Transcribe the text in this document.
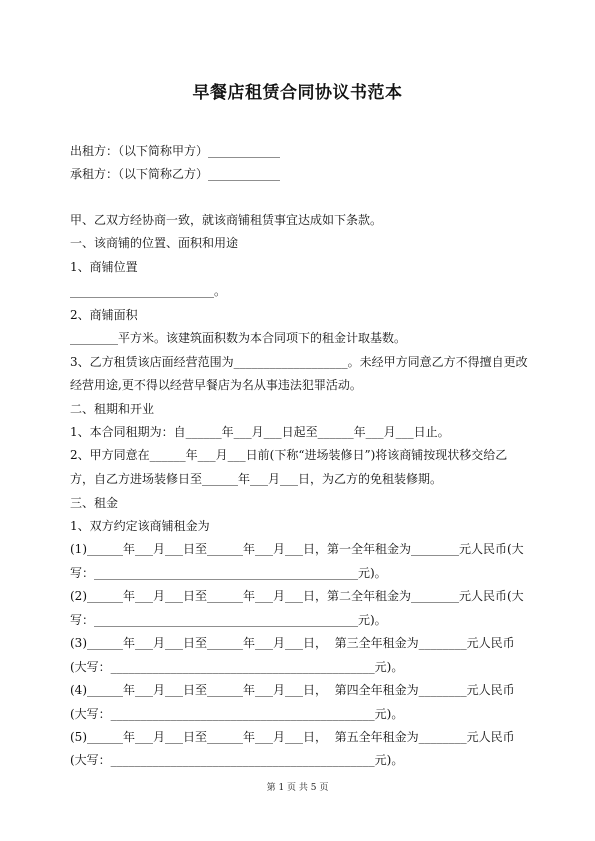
早餐店租赁合同协议书范本
出租方：（以下简称甲方）____________
承租方：（以下简称乙方）____________
甲、乙双方经协商一致，就该商铺租赁事宜达成如下条款。
一、该商铺的位置、面积和用途
1、商铺位置
________________________。
2、商铺面积
________平方米。该建筑面积数为本合同项下的租金计取基数。
3、乙方租赁该店面经营范围为___________________。未经甲方同意乙方不得擅自更改
经营用途,更不得以经营早餐店为名从事违法犯罪活动。
二、租期和开业
1、本合同租期为：自______年___月___日起至______年___月___日止。
2、甲方同意在______年___月___日前(下称“进场装修日”)将该商铺按现状移交给乙
方，自乙方进场装修日至______年___月___日，为乙方的免租装修期。
三、租金
1、双方约定该商铺租金为
(1)______年___月___日至______年___月___日，第一全年租金为________元人民币(大
写：____________________________________________元)。
(2)______年___月___日至______年___月___日，第二全年租金为________元人民币(大
写：____________________________________________元)。
(3)______年___月___日至______年___月___日，  第三全年租金为________元人民币
(大写：____________________________________________元)。
(4)______年___月___日至______年___月___日，  第四全年租金为________元人民币
(大写：____________________________________________元)。
(5)______年___月___日至______年___月___日，  第五全年租金为________元人民币
(大写：____________________________________________元)。
第 1 页 共 5 页
